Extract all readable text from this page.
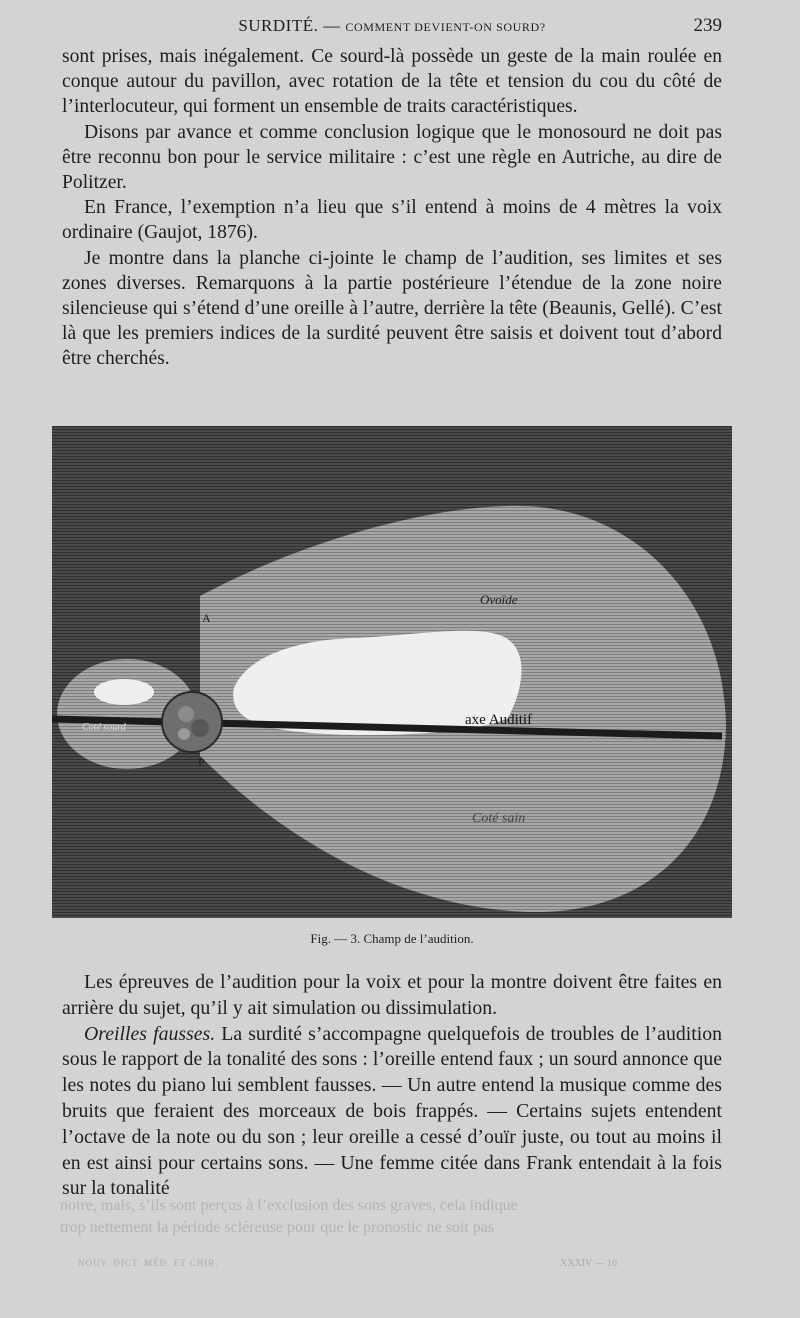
SURDITÉ. — COMMENT DEVIENT-ON SOURD?	239

sont prises, mais inégalement. Ce sourd-là possède un geste de la main roulée en conque autour du pavillon, avec rotation de la tête et tension du cou du côté de l’interlocuteur, qui forment un ensemble de traits caractéristiques.

Disons par avance et comme conclusion logique que le monosourd ne doit pas être reconnu bon pour le service militaire : c’est une règle en Autriche, au dire de Politzer.

En France, l’exemption n’a lieu que s’il entend à moins de 4 mètres la voix ordinaire (Gaujot, 1876).

Je montre dans la planche ci-jointe le champ de l’audition, ses limites et ses zones diverses. Remarquons à la partie postérieure l’étendue de la zone noire silencieuse qui s’étend d’une oreille à l’autre, derrière la tête (Beaunis, Gellé). C’est là que les premiers indices de la surdité peuvent être saisis et doivent tout d’abord être cherchés.

Ovoïde
axe Auditif
Coté sain
Coté sourd
A
P
Fig. — 3. Champ de l’audition.

Les épreuves de l’audition pour la voix et pour la montre doivent être faites en arrière du sujet, qu’il y ait simulation ou dissimulation.

Oreilles fausses. La surdité s’accompagne quelquefois de troubles de l’audition sous le rapport de la tonalité des sons : l’oreille entend faux ; un sourd annonce que les notes du piano lui semblent fausses. — Un autre entend la musique comme des bruits que feraient des morceaux de bois frappés. — Certains sujets entendent l’octave de la note ou du son ; leur oreille a cessé d’ouïr juste, ou tout au moins il en est ainsi pour certains sons. — Une femme citée dans Frank entendait à la fois sur la tonalité

notre, mais, s’ils sont perçus à l’exclusion des sons graves, cela indique
trop nettement la période scléreuse pour que le pronostic ne soit pas
NOUV. DICT. MÉD. ET CHIR.	XXXIV — 16
